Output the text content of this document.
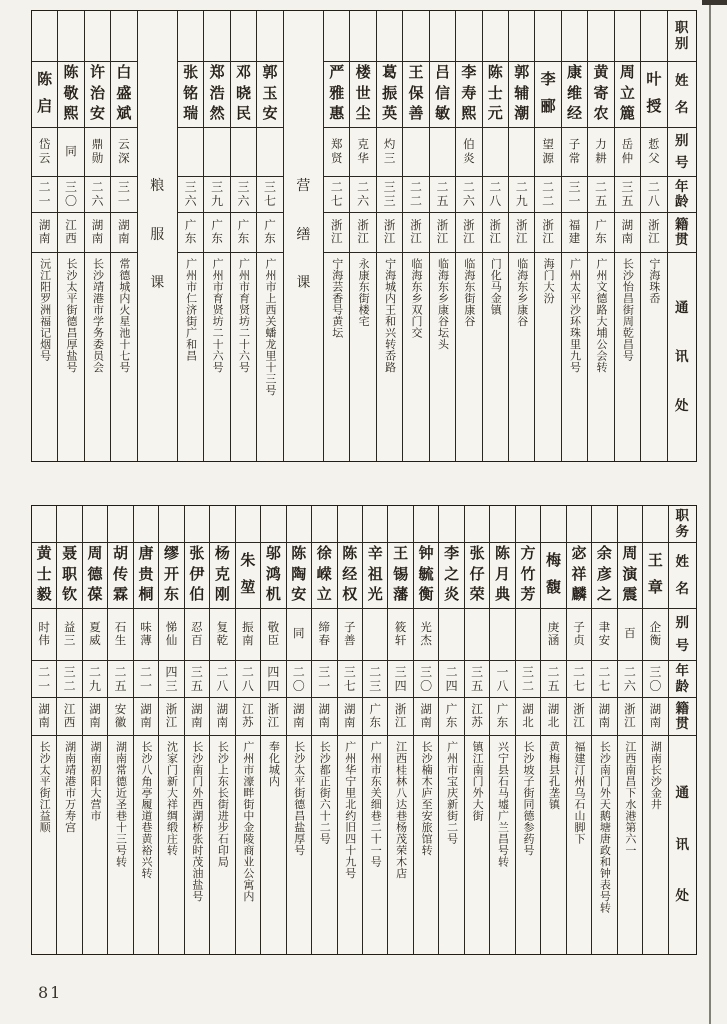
职
别
姓
名
别
号
年
龄
籍
贯
通
讯
处
叶
授
悊
父
二
八
浙
江
宁海珠岙
周
立
簏
岳
仲
三
五
湖
南
长沙怡昌街周乾昌号
黄
寄
农
力
耕
二
五
广
东
广州文德路大埔公会转
康
维
经
子
常
三
一
福
建
广州太平沙环珠里九号
李
郦
望
源
二
二
浙
江
海门大汾
郭
辅
潮
二
九
浙
江
临海东乡康谷
陈
士
元
二
八
浙
江
门化马金镇
李
寿
熙
伯
炎
二
六
浙
江
临海东街康谷
吕
信
敏
二
五
浙
江
临海东乡康谷坛头
王
保
善
二
二
浙
江
临海东乡双门交
葛
振
英
灼
三
三
三
浙
江
宁海城内王和兴转岙路
楼
世
尘
克
华
二
六
浙
江
永康东街楼宅
严
雅
惠
郑
贤
二
七
浙
江
宁海芸香号黄坛
营
缮
课
郭
玉
安
三
七
广
东
广州市上西关蟠龙里十三号
邓
晓
民
三
六
广
东
广州市育贤坊二十六号
郑
浩
然
三
九
广
东
广州市育贤坊二十六号
张
铭
瑞
三
六
广
东
广州市仁济街广和昌
粮
服
课
白
盛
斌
云
深
三
一
湖
南
常德城内火星池十七号
许
治
安
鼎
勋
二
六
湖
南
长沙靖港市学务委员会
陈
敬
熙
同
三
〇
江
西
长沙太平街德昌厚盐号
陈
启
岱
云
二
一
湖
南
沅江阳罗洲福记烟号
职
务
姓
名
别
号
年
龄
籍
贯
通
讯
处
王
章
企
衡
三
〇
湖
南
湖南长沙金井
周
演
震
百
二
六
浙
江
江西南昌下水港第六一
余
彦
之
聿
安
二
七
湖
南
长沙南门外天鹅塘唐政和钟表号转
宓
祥
麟
子
贞
二
七
浙
江
福建汀州乌石山脚下
梅
馥
庚
涵
二
五
湖
北
黄梅县孔垄镇
方
竹
芳
三
二
湖
北
长沙坡子街同德参药号
陈
月
典
一
八
广
东
兴宁县石马墟广兰昌号转
张
仔
荣
三
五
江
苏
镇江南门外大街
李
之
炎
二
四
广
东
广州市宝庆新街二号
钟
毓
衡
光
杰
三
〇
湖
南
长沙楠木庐至安旅馆转
王
锡
藩
筱
轩
三
四
浙
江
江西桂林八达巷杨茂荣木店
辛
祖
光
二
三
广
东
广州市东关细巷二十一号
陈
经
权
子
善
三
七
湖
南
广州华宁里北约旧四十九号
徐
嵘
立
缔
春
三
一
湖
南
长沙都正街六十二号
陈
陶
安
同
二
〇
湖
南
长沙太平街德昌盐厚号
邬
鸿
机
敬
臣
四
四
浙
江
奉化城内
朱
堃
振
南
二
八
江
苏
广州市濠畔街中金陵商业公寓内
杨
克
刚
复
乾
二
八
湖
南
长沙上东长街进步石印局
张
伊
伯
忍
百
三
五
湖
南
长沙南门外西湖桥张时茂油盐号
缪
开
东
悌
仙
四
三
浙
江
沈家门新大祥绸缎庄转
唐
贵
桐
味
薄
二
一
湖
南
长沙八角亭履道巷黄裕兴转
胡
传
霖
石
生
二
五
安
徽
湖南常德近圣巷十三号转
周
德
葆
夏
威
二
九
湖
南
湖南初阳大营市
聂
职
钦
益
三
三
二
江
西
湖南靖港市万寿宫
黄
士
毅
时
伟
二
一
湖
南
长沙太平街江益顺
81
